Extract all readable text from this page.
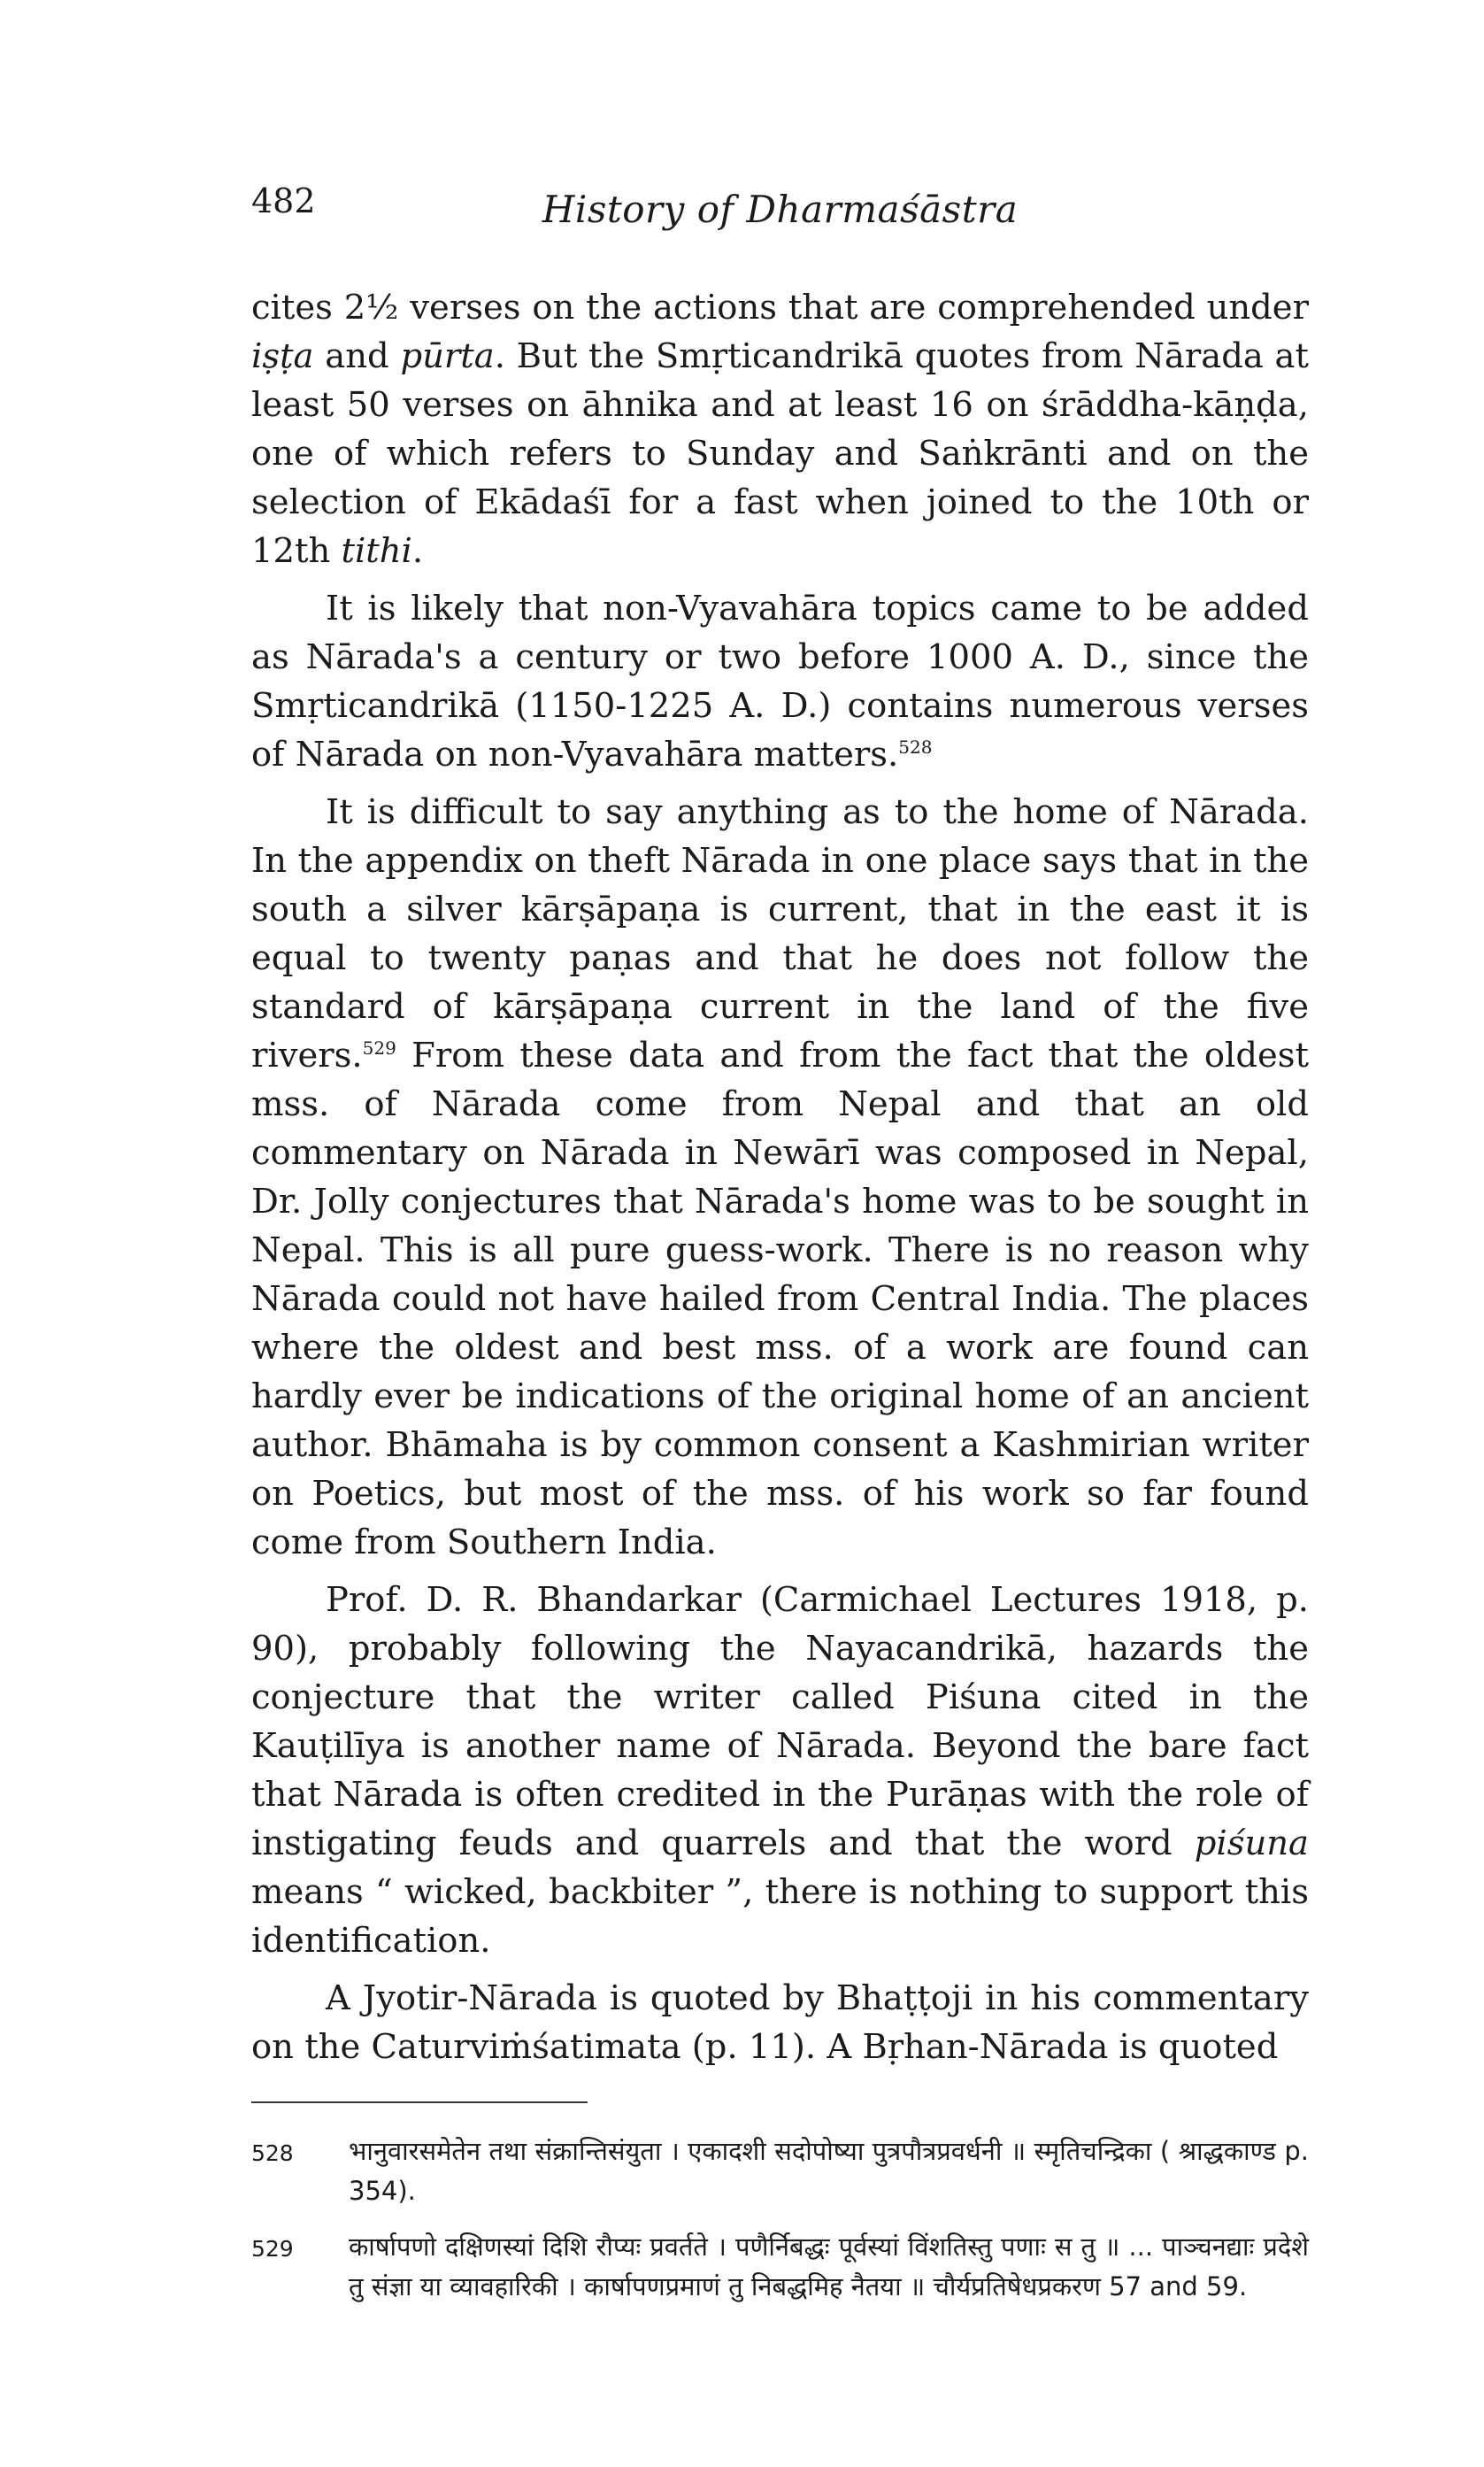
482	History of Dharmaśāstra

cites 2½ verses on the actions that are comprehended under iṣṭa and pūrta. But the Smṛticandrikā quotes from Nārada at least 50 verses on āhnika and at least 16 on śrāddha-kāṇḍa, one of which refers to Sunday and Saṅkrānti and on the selection of Ekādaśī for a fast when joined to the 10th or 12th tithi.

It is likely that non-Vyavahāra topics came to be added as Nārada's a century or two before 1000 A. D., since the Smṛticandrikā (1150-1225 A. D.) contains numerous verses of Nārada on non-Vyavahāra matters.$^{528}$

It is difficult to say anything as to the home of Nārada. In the appendix on theft Nārada in one place says that in the south a silver kārṣāpaṇa is current, that in the east it is equal to twenty paṇas and that he does not follow the standard of kārṣāpaṇa current in the land of the five rivers.$^{529}$ From these data and from the fact that the oldest mss. of Nārada come from Nepal and that an old commentary on Nārada in Newārī was composed in Nepal, Dr. Jolly conjectures that Nārada's home was to be sought in Nepal. This is all pure guess-work. There is no reason why Nārada could not have hailed from Central India. The places where the oldest and best mss. of a work are found can hardly ever be indications of the original home of an ancient author. Bhāmaha is by common consent a Kashmirian writer on Poetics, but most of the mss. of his work so far found come from Southern India.

Prof. D. R. Bhandarkar (Carmichael Lectures 1918, p. 90), probably following the Nayacandrikā, hazards the conjecture that the writer called Piśuna cited in the Kauṭilīya is another name of Nārada. Beyond the bare fact that Nārada is often credited in the Purāṇas with the role of instigating feuds and quarrels and that the word piśuna means “ wicked, backbiter ”, there is nothing to support this identification.

A Jyotir-Nārada is quoted by Bhaṭṭoji in his commentary on the Caturviṁśatimata (p. 11). A Bṛhan-Nārada is quoted

528	भानुवारसमेतेन तथा संक्रान्तिसंयुता । एकादशी सदोपोष्या पुत्रपौत्रप्रवर्धनी ॥ स्मृतिचन्द्रिका ( श्राद्धकाण्ड p. 354).
529	कार्षापणो दक्षिणस्यां दिशि रौप्यः प्रवर्तते । पणैर्निबद्धः पूर्वस्यां विंशतिस्तु पणाः स तु ॥ ... पाञ्चनद्याः प्रदेशे तु संज्ञा या व्यावहारिकी । कार्षापणप्रमाणं तु निबद्धमिह नैतया ॥ चौर्यप्रतिषेधप्रकरण 57 and 59.
